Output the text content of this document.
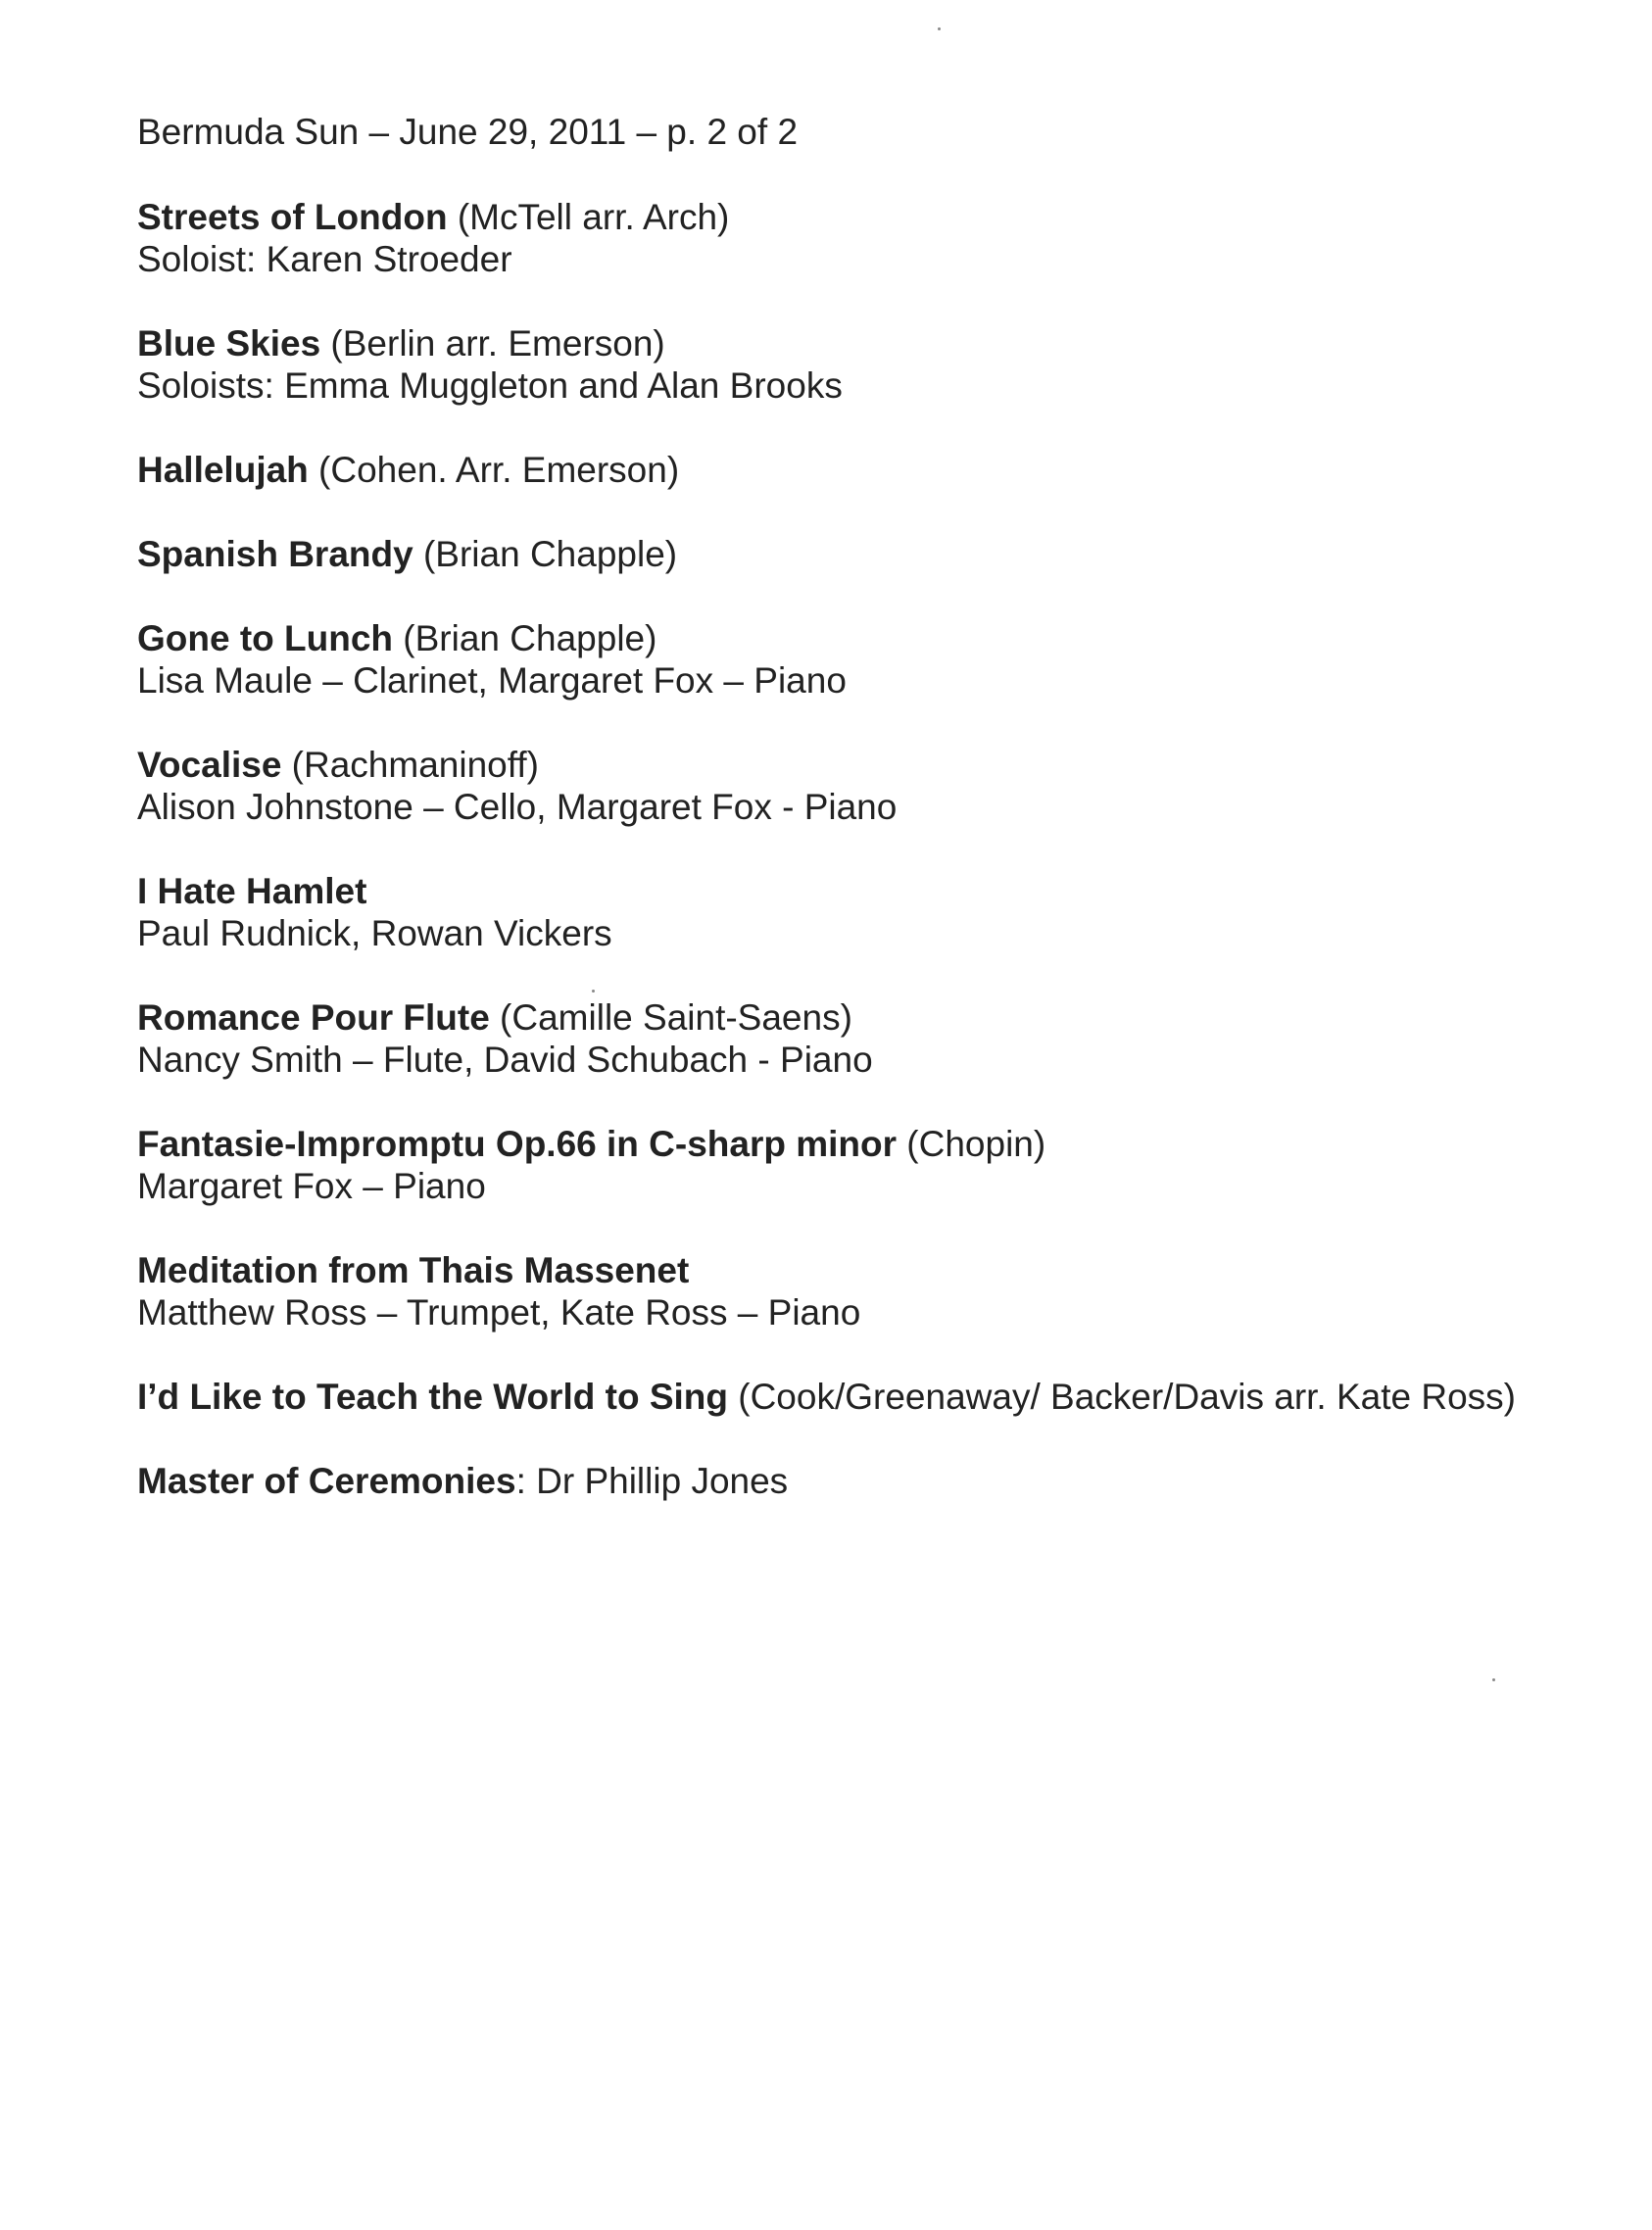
Bermuda Sun – June 29, 2011 – p. 2 of 2
Streets of London (McTell arr. Arch)
Soloist: Karen Stroeder
Blue Skies (Berlin arr. Emerson)
Soloists: Emma Muggleton and Alan Brooks
Hallelujah (Cohen. Arr. Emerson)
Spanish Brandy (Brian Chapple)
Gone to Lunch (Brian Chapple)
Lisa Maule – Clarinet, Margaret Fox – Piano
Vocalise (Rachmaninoff)
Alison Johnstone – Cello, Margaret Fox - Piano
I Hate Hamlet
Paul Rudnick, Rowan Vickers
Romance Pour Flute (Camille Saint-Saens)
Nancy Smith – Flute, David Schubach - Piano
Fantasie-Impromptu Op.66 in C-sharp minor (Chopin)
Margaret Fox – Piano
Meditation from Thais Massenet
Matthew Ross – Trumpet, Kate Ross – Piano
I’d Like to Teach the World to Sing (Cook/Greenaway/ Backer/Davis arr. Kate Ross)
Master of Ceremonies: Dr Phillip Jones
